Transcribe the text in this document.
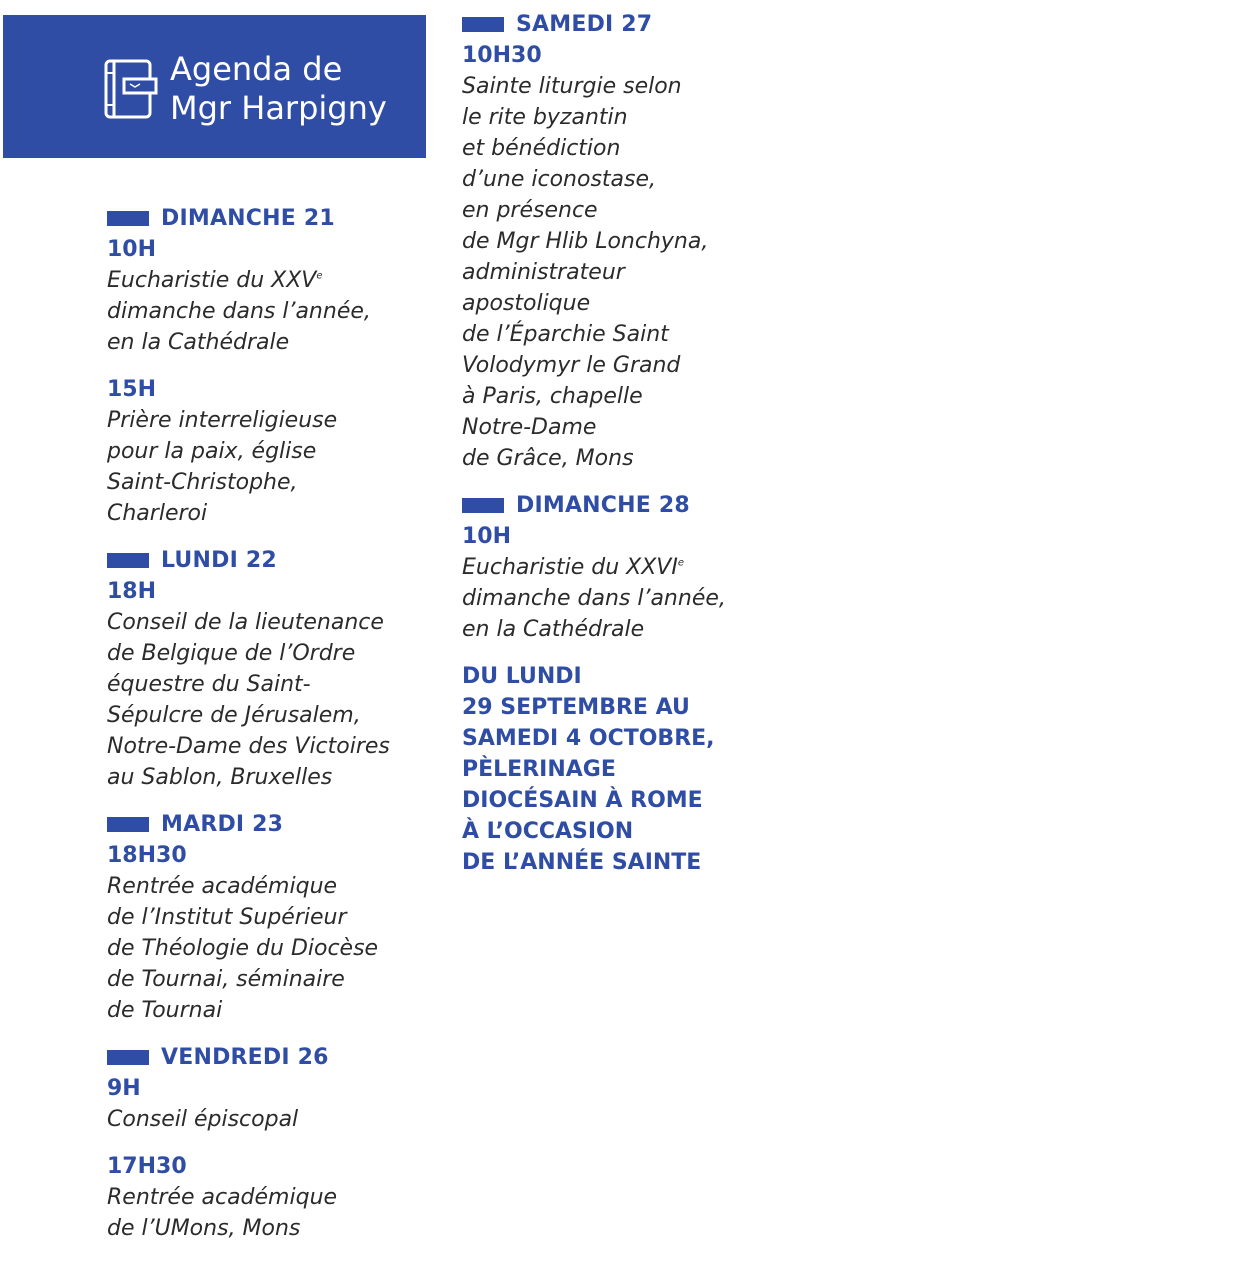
Agenda de
Mgr Harpigny
DIMANCHE 21
10H
Eucharistie du XXVe
dimanche dans l’année,
en la Cathédrale
15H
Prière interreligieuse
pour la paix, église
Saint-Christophe,
Charleroi
LUNDI 22
18H
Conseil de la lieutenance
de Belgique de l’Ordre
équestre du Saint-
Sépulcre de Jérusalem,
Notre-Dame des Victoires
au Sablon, Bruxelles
MARDI 23
18H30
Rentrée académique
de l’Institut Supérieur
de Théologie du Diocèse
de Tournai, séminaire
de Tournai
VENDREDI 26
9H
Conseil épiscopal
17H30
Rentrée académique
de l’UMons, Mons
SAMEDI 27
10H30
Sainte liturgie selon
le rite byzantin
et bénédiction
d’une iconostase,
en présence
de Mgr Hlib Lonchyna,
administrateur
apostolique
de l’Éparchie Saint
Volodymyr le Grand
à Paris, chapelle
Notre-Dame
de Grâce, Mons
DIMANCHE 28
10H
Eucharistie du XXVIe
dimanche dans l’année,
en la Cathédrale
DU LUNDI
29 SEPTEMBRE AU
SAMEDI 4 OCTOBRE,
PÈLERINAGE
DIOCÉSAIN À ROME
À L’OCCASION
DE L’ANNÉE SAINTE
